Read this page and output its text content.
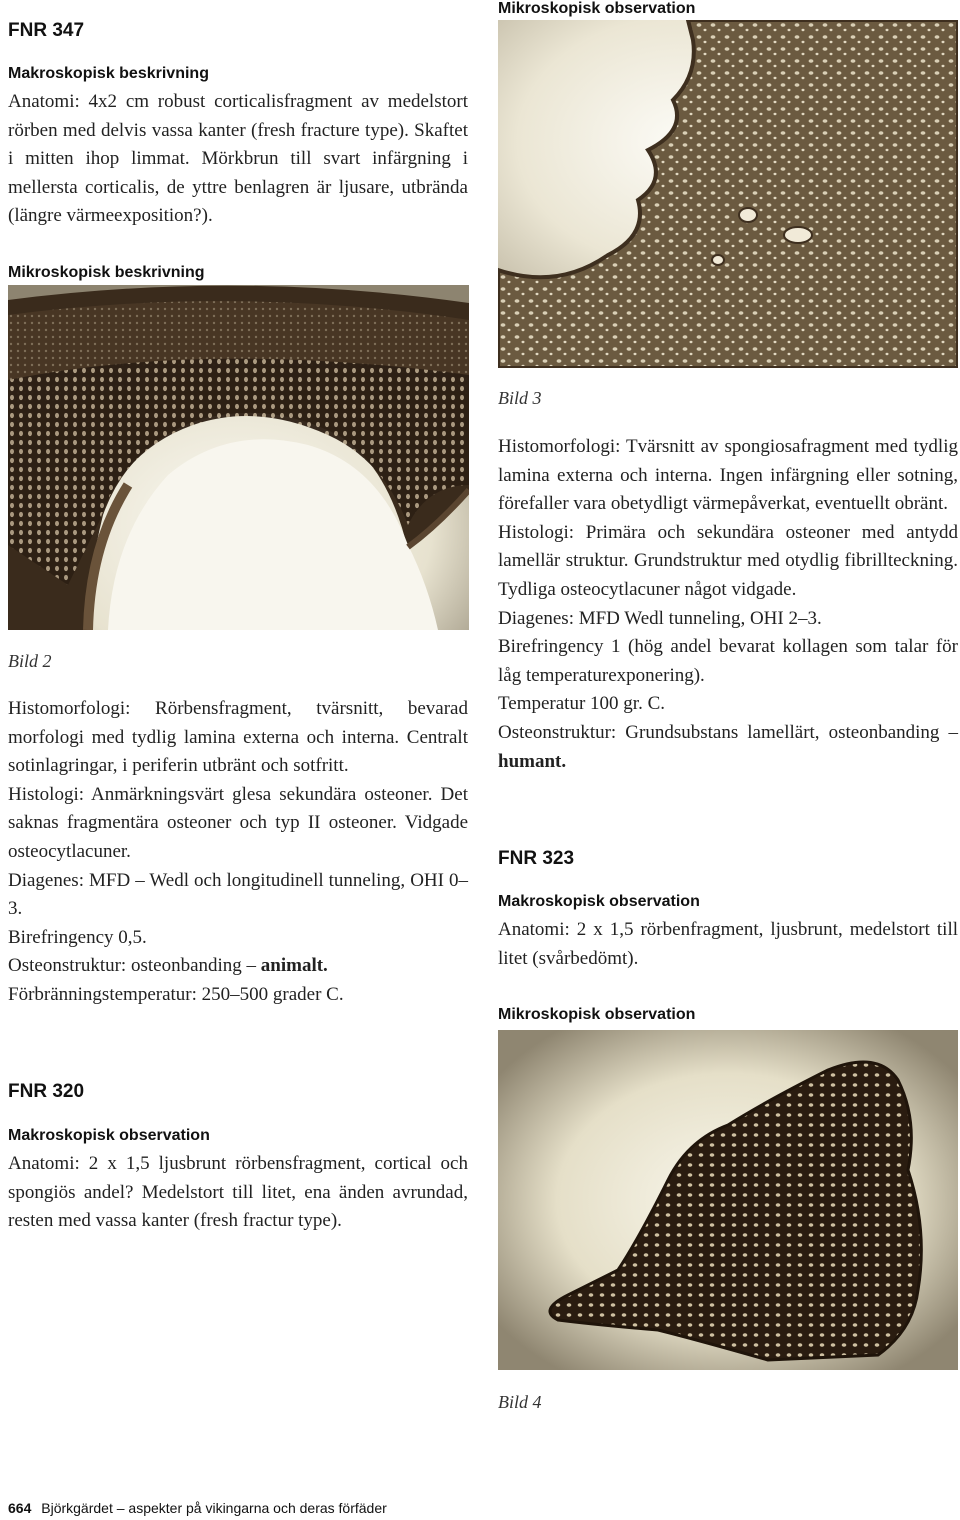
FNR 347
Makroskopisk beskrivning
Anatomi: 4x2 cm robust corticalisfragment av medelstort rörben med delvis vassa kanter (fresh fracture type). Skaftet i mitten ihop limmat. Mörkbrun till svart infärgning i mellersta corticalis, de yttre benlagren är ljusare, utbrända (längre värmeexposition?).
Mikroskopisk beskrivning
Bild 2

Histomorfologi: Rörbensfragment, tvärsnitt, bevarad morfologi med tydlig lamina externa och interna. Centralt sotinlagringar, i periferin utbränt och sotfritt.

Histologi: Anmärkningsvärt glesa sekundära osteoner. Det saknas fragmentära osteoner och typ II osteoner. Vidgade osteocytlacuner.

Diagenes: MFD – Wedl och longitudinell tunneling, OHI 0–3.

Birefringency 0,5.

Osteonstruktur: osteonbanding – animalt.

Förbränningstemperatur: 250–500 grader C.

FNR 320
Makroskopisk observation
Anatomi: 2 x 1,5 ljusbrunt rörbensfragment, cortical och spongiös andel? Medelstort till litet, ena änden avrundad, resten med vassa kanter (fresh fractur type).
Mikroskopisk observation
Bild 3

Histomorfologi: Tvärsnitt av spongiosafragment med tydlig lamina externa och interna. Ingen infärgning eller sotning, förefaller vara obetydligt värmepåverkat, eventuellt obränt.

Histologi: Primära och sekundära osteoner med antydd lamellär struktur. Grundstruktur med otydlig fibrillteckning. Tydliga osteocytlacuner något vidgade.

Diagenes: MFD Wedl tunneling, OHI 2–3.

Birefringency 1 (hög andel bevarat kollagen som talar för låg temperaturexponering).

Temperatur 100 gr. C.

Osteonstruktur: Grundsubstans lamellärt, osteonbanding – humant.

FNR 323
Makroskopisk observation
Anatomi: 2 x 1,5 rörbenfragment, ljusbrunt, medelstort till litet (svårbedömt).
Mikroskopisk observation
Bild 4
664 Björkgärdet – aspekter på vikingarna och deras förfäder
